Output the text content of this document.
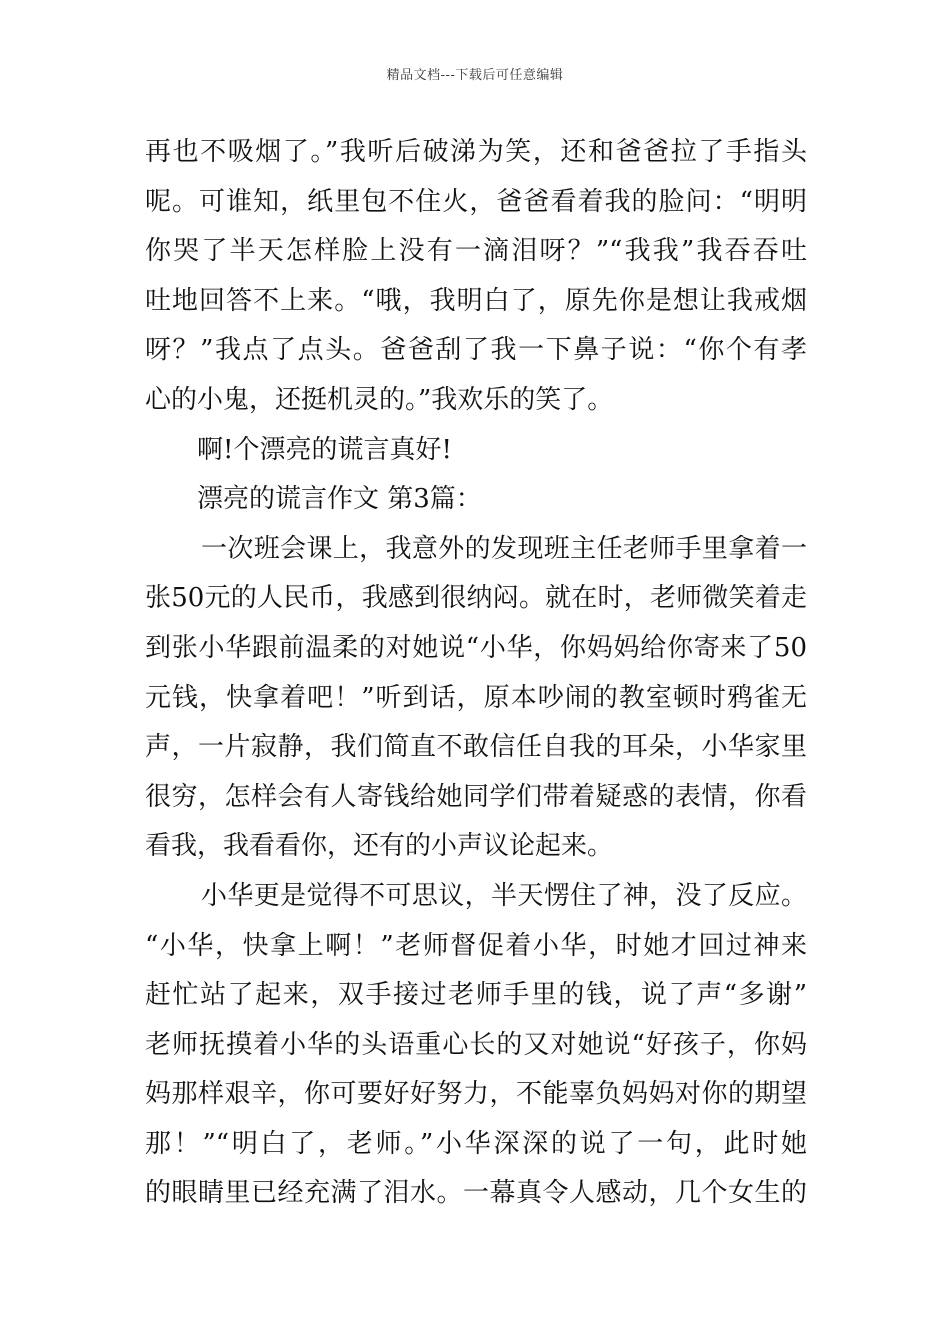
精品文档---下载后可任意编辑
再也不吸烟了。”我听后破涕为笑，还和爸爸拉了手指头
呢。可谁知，纸里包不住火，爸爸看着我的脸问：“明明
你哭了半天怎样脸上没有一滴泪呀？”“我我”我吞吞吐
吐地回答不上来。“哦，我明白了，原先你是想让我戒烟
呀？”我点了点头。爸爸刮了我一下鼻子说：“你个有孝
心的小鬼，还挺机灵的。”我欢乐的笑了。
啊!个漂亮的谎言真好!
漂亮的谎言作文 第3篇：
一次班会课上，我意外的发现班主任老师手里拿着一
张50元的人民币，我感到很纳闷。就在时，老师微笑着走
到张小华跟前温柔的对她说“小华，你妈妈给你寄来了50
元钱，快拿着吧！”听到话，原本吵闹的教室顿时鸦雀无
声，一片寂静，我们简直不敢信任自我的耳朵，小华家里
很穷，怎样会有人寄钱给她同学们带着疑惑的表情，你看
看我，我看看你，还有的小声议论起来。
小华更是觉得不可思议，半天愣住了神，没了反应。
“小华，快拿上啊！”老师督促着小华，时她才回过神来
赶忙站了起来，双手接过老师手里的钱，说了声“多谢”
老师抚摸着小华的头语重心长的又对她说“好孩子，你妈
妈那样艰辛，你可要好好努力，不能辜负妈妈对你的期望
那！”“明白了，老师。”小华深深的说了一句，此时她
的眼睛里已经充满了泪水。一幕真令人感动，几个女生的
